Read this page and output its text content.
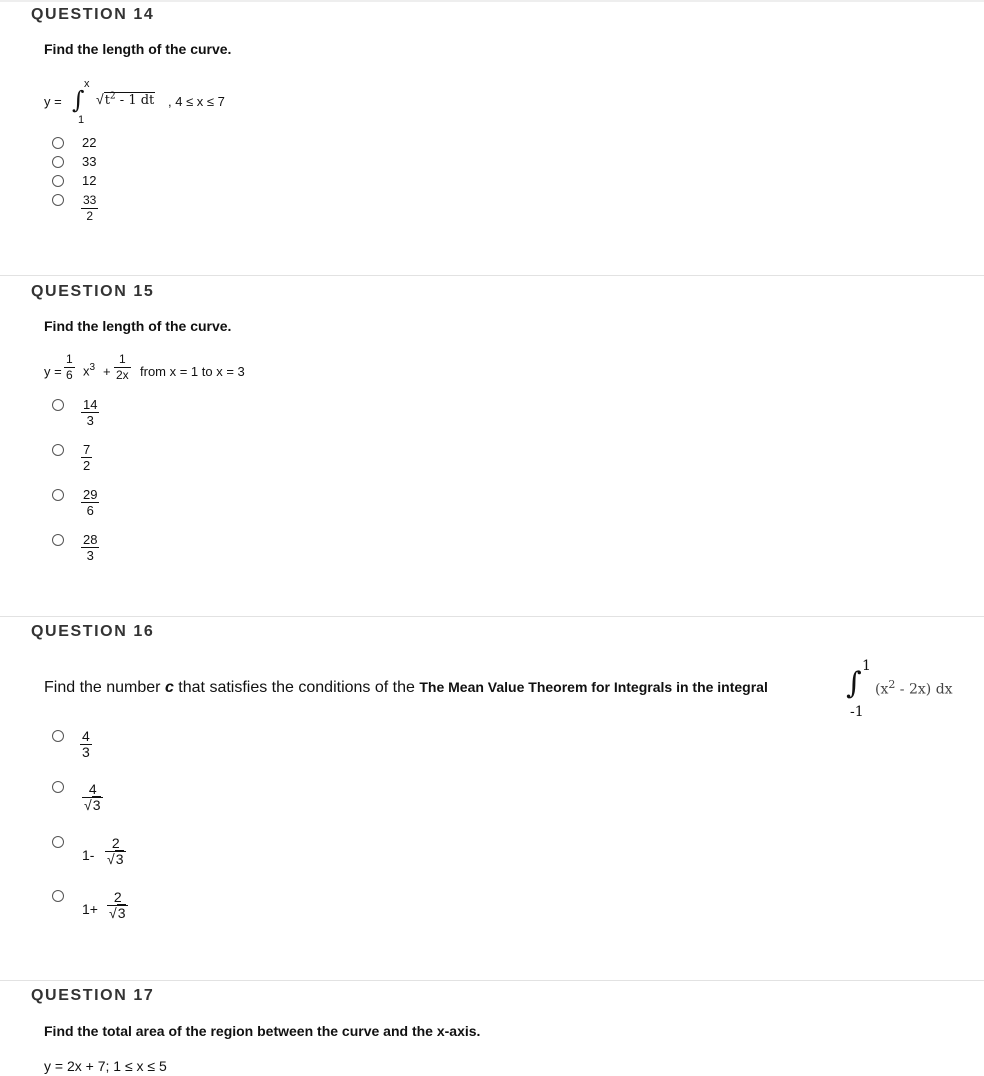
QUESTION 14
Find the length of the curve.
y = ∫
x
1
$√t^2 - 1$ dt , 4 ≤ x ≤ 7
22
33
12
33
2
QUESTION 15
Find the length of the curve.
y =
1
6 $x^3$ +
1
2x from x = 1 to x = 3
14
3
7
2
29
6
28
3
QUESTION 16
Find the number c that satisfies the conditions of the The Mean Value Theorem for Integrals in the integral	∫ 1
-1
$(x^2 - 2x)$ dx
4
3
4
√3
1-
2
√3
1+
2
√3
QUESTION 17
Find the total area of the region between the curve and the x-axis.
y = 2x + 7; 1 ≤ x ≤ 5
